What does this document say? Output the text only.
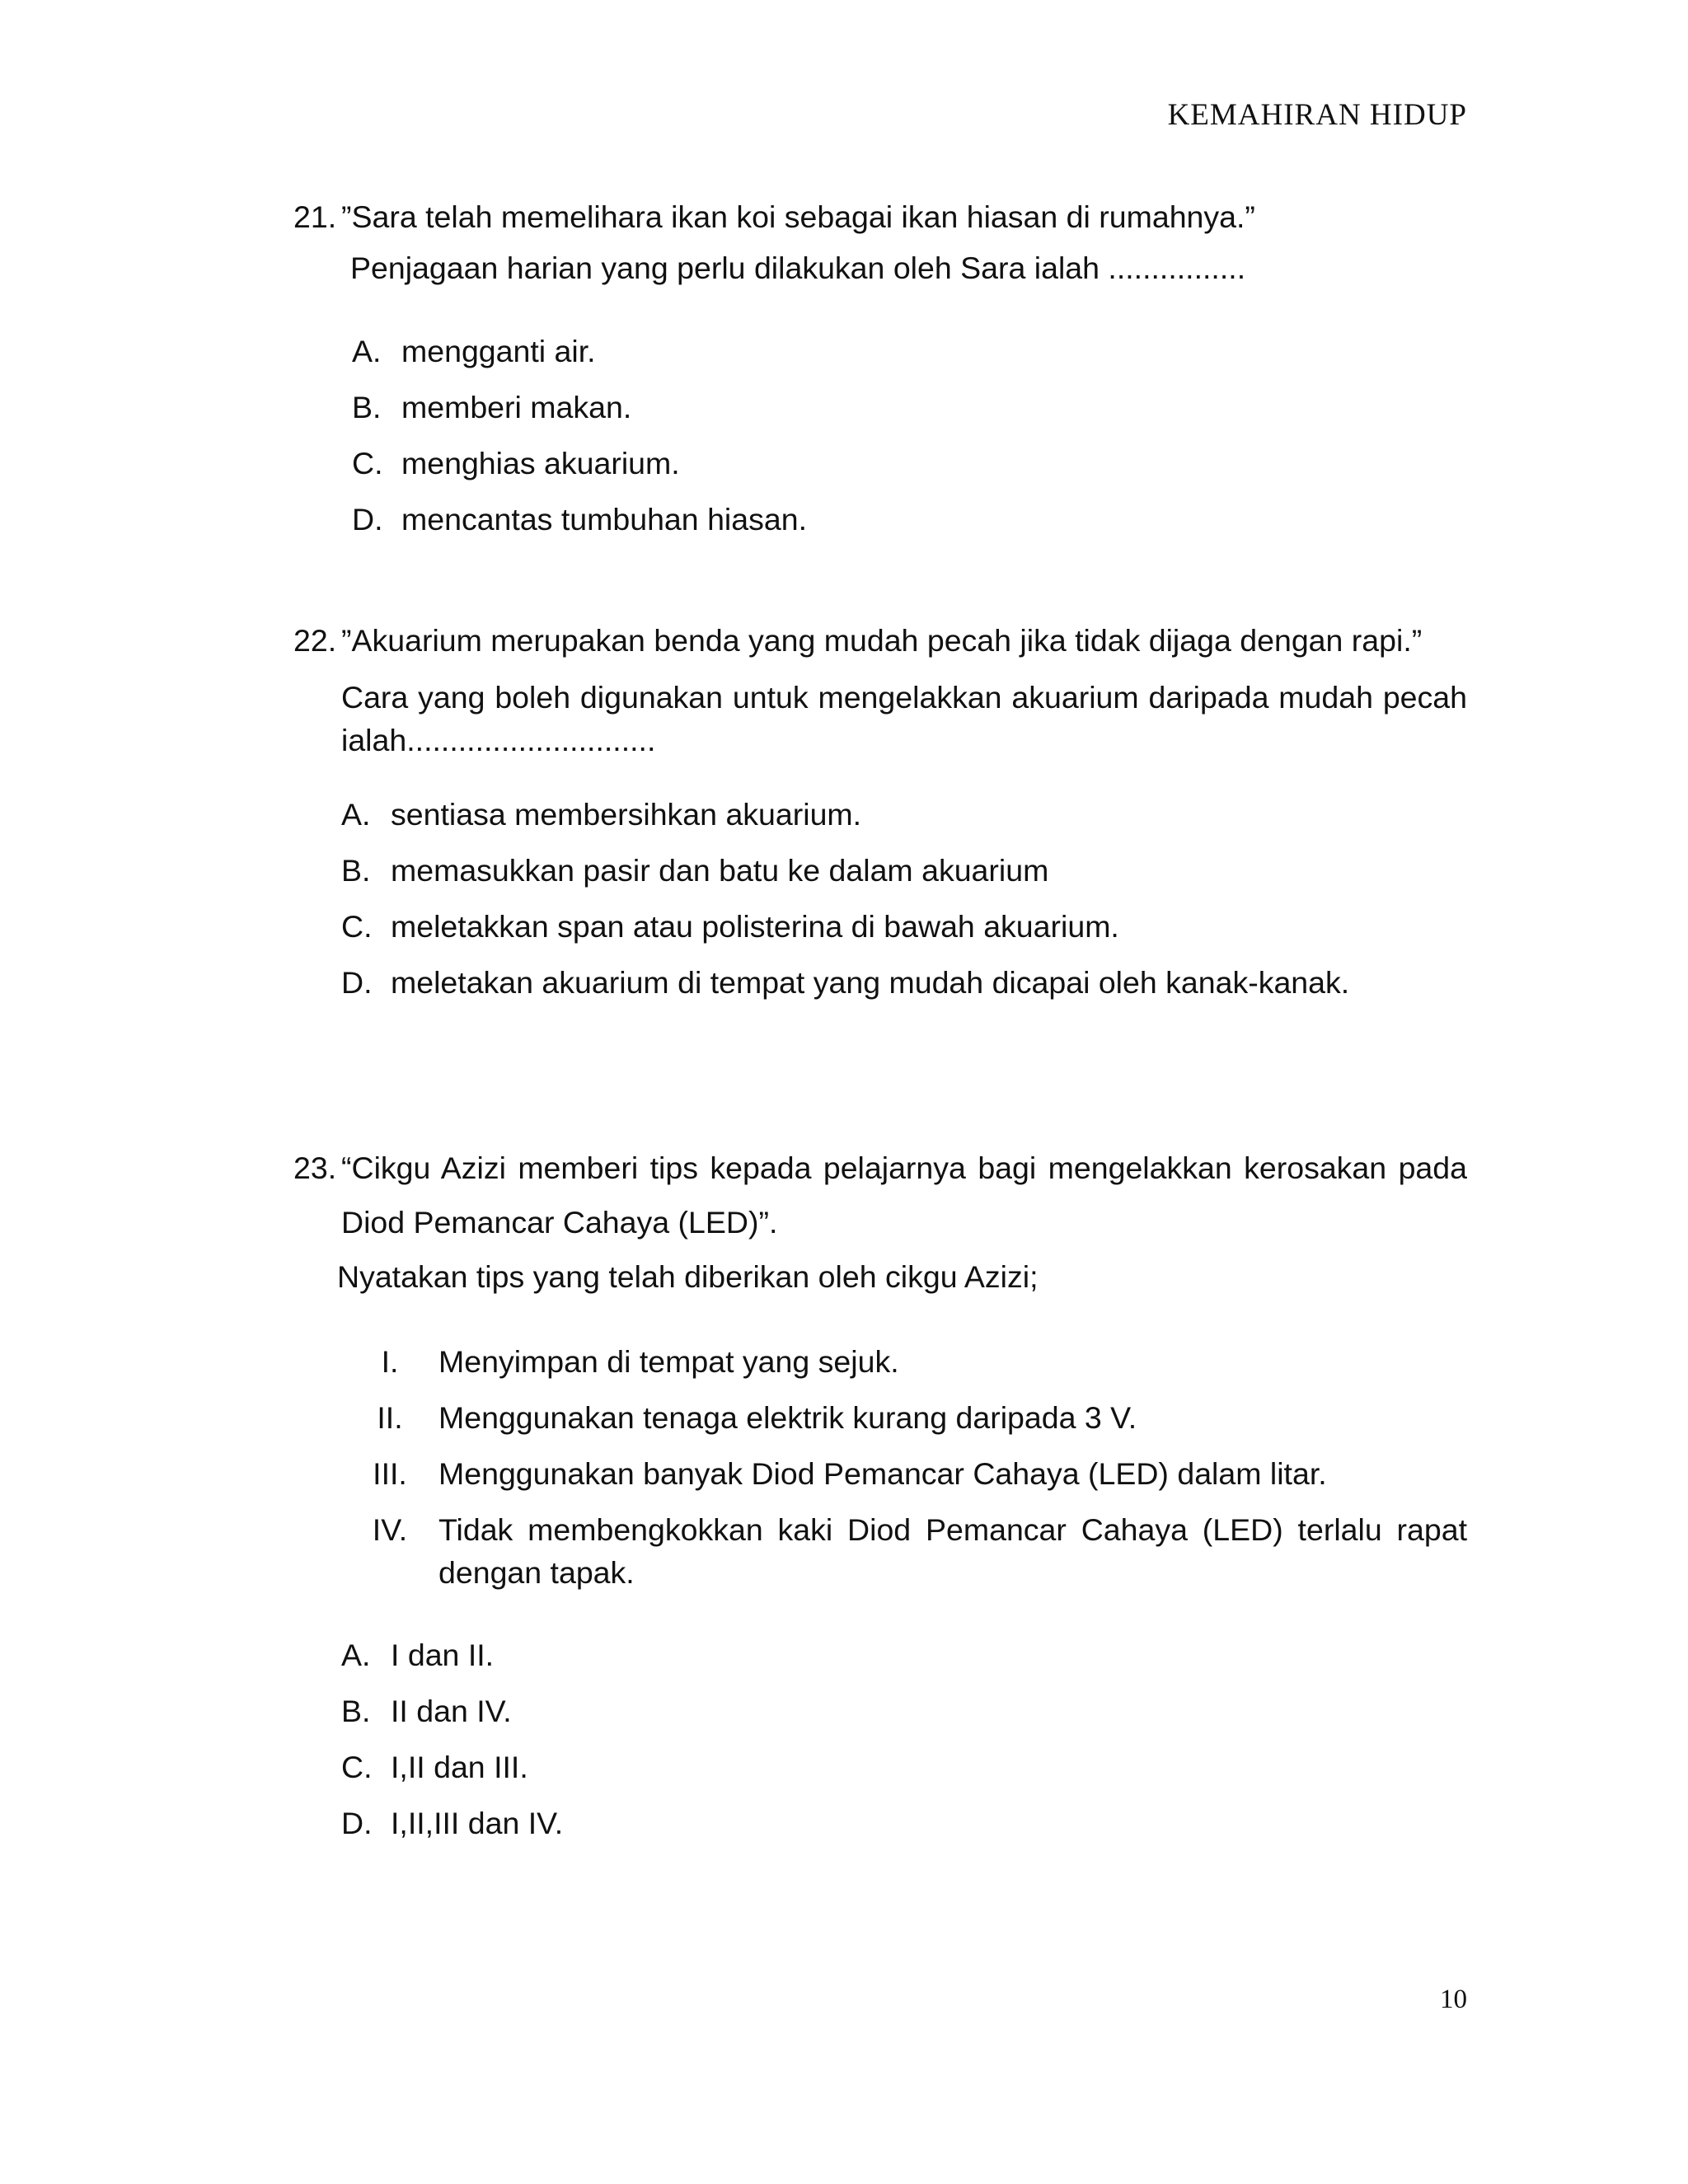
KEMAHIRAN HIDUP
21. ”Sara telah memelihara ikan koi sebagai ikan hiasan di rumahnya.”

Penjagaan harian yang perlu dilakukan oleh Sara ialah ................

A. mengganti air.
B. memberi makan.
C. menghias akuarium.
D. mencantas tumbuhan hiasan.
22. ”Akuarium merupakan benda yang mudah pecah jika tidak dijaga dengan rapi.”

Cara yang boleh digunakan untuk mengelakkan akuarium daripada mudah pecah ialah.............................

A. sentiasa membersihkan akuarium.
B. memasukkan pasir dan batu ke dalam akuarium
C. meletakkan span atau polisterina di bawah akuarium.
D. meletakan akuarium di tempat yang mudah dicapai oleh kanak-kanak.
23. “Cikgu Azizi memberi tips kepada pelajarnya bagi mengelakkan kerosakan pada Diod Pemancar Cahaya (LED)”.

Nyatakan tips yang telah diberikan oleh cikgu Azizi;

I.	Menyimpan di tempat yang sejuk.
II.	Menggunakan tenaga elektrik kurang daripada 3 V.
III.	Menggunakan banyak Diod Pemancar Cahaya (LED) dalam litar.
IV.	Tidak membengkokkan kaki Diod Pemancar Cahaya (LED) terlalu rapat dengan tapak.
A. I dan II.
B. II dan IV.
C. I,II dan III.
D. I,II,III dan IV.
10
